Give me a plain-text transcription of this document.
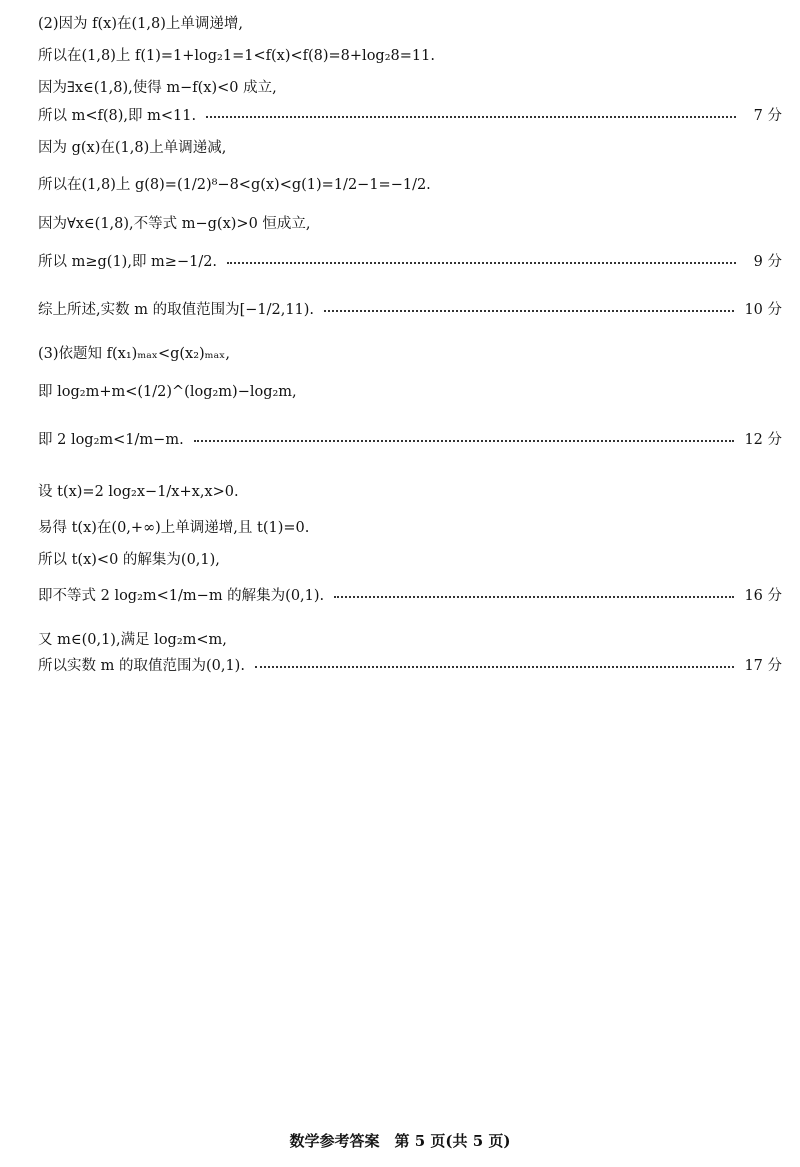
(2)因为 f(x)在(1,8)上单调递增,
所以在(1,8)上 f(1)=1+log₂1=1<f(x)<f(8)=8+log₂8=11.
因为∃x∈(1,8),使得 m−f(x)<0 成立,
所以 m<f(8),即 m<11.	7 分
因为 g(x)在(1,8)上单调递减,
所以在(1,8)上 g(8)=(1/2)⁸−8<g(x)<g(1)=1/2−1=−1/2.
因为∀x∈(1,8),不等式 m−g(x)>0 恒成立,
所以 m≥g(1),即 m≥−1/2.	9 分
综上所述,实数 m 的取值范围为[−1/2,11).	10 分
(3)依题知 f(x₁)ₘₐₓ<g(x₂)ₘₐₓ,
即 log₂m+m<(1/2)^(log₂m)−log₂m,
即 2 log₂m<1/m−m.	12 分
设 t(x)=2 log₂x−1/x+x,x>0.
易得 t(x)在(0,+∞)上单调递增,且 t(1)=0.
所以 t(x)<0 的解集为(0,1),
即不等式 2 log₂m<1/m−m 的解集为(0,1).	16 分
又 m∈(0,1),满足 log₂m<m,
所以实数 m 的取值范围为(0,1).	17 分
数学参考答案　第 5 页(共 5 页)
